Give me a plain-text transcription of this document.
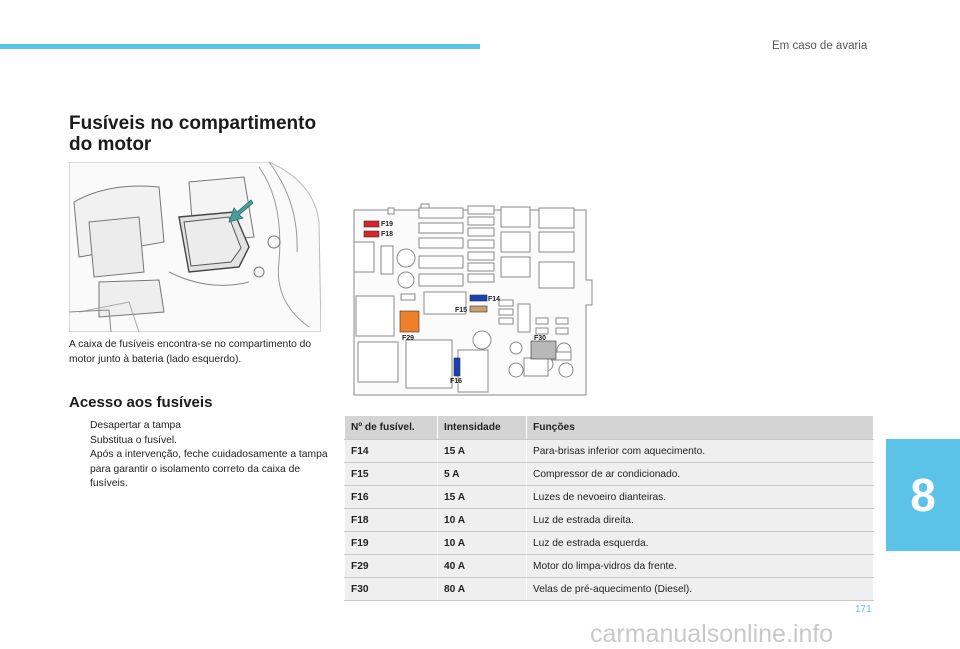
Em caso de avaria
Fusíveis no compartimento
do motor
A caixa de fusíveis encontra-se no compartimento do motor junto à bateria (lado esquerdo).
Acesso aos fusíveis
Desapertar a tampa
Substitua o fusível.
Após a intervenção, feche cuidadosamente a tampa para garantir o isolamento correto da caixa de fusíveis.
F19
F18
F14
F15
F29	F30
F16
Nº de fusível.	Intensidade	Funções
F14	15 A	Para-brisas inferior com aquecimento.
F15	5 A	Compressor de ar condicionado.
F16	15 A	Luzes de nevoeiro dianteiras.
F18	10 A	Luz de estrada direita.
F19	10 A	Luz de estrada esquerda.
F29	40 A	Motor do limpa-vidros da frente.
F30	80 A	Velas de pré-aquecimento (Diesel).
8
171
carmanualsonline.info
